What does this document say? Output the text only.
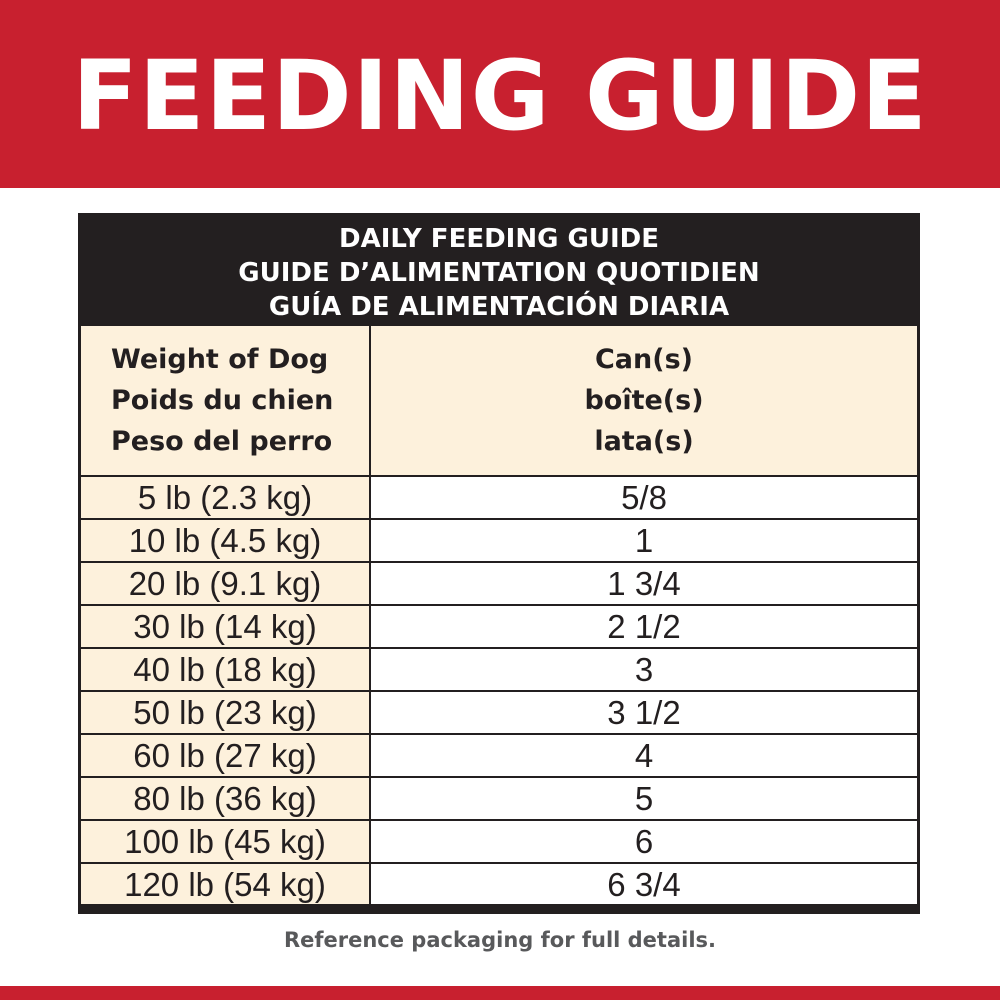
FEEDING GUIDE
DAILY FEEDING GUIDE
GUIDE D’ALIMENTATION QUOTIDIEN
GUÍA DE ALIMENTACIÓN DIARIA
Weight of Dog
Poids du chien
Peso del perro
Can(s)
boîte(s)
lata(s)
5 lb (2.3 kg)	5/8
10 lb (4.5 kg)	1
20 lb (9.1 kg)	1 3/4
30 lb (14 kg)	2 1/2
40 lb (18 kg)	3
50 lb (23 kg)	3 1/2
60 lb (27 kg)	4
80 lb (36 kg)	5
100 lb (45 kg)	6
120 lb (54 kg)	6 3/4
Reference packaging for full details.
